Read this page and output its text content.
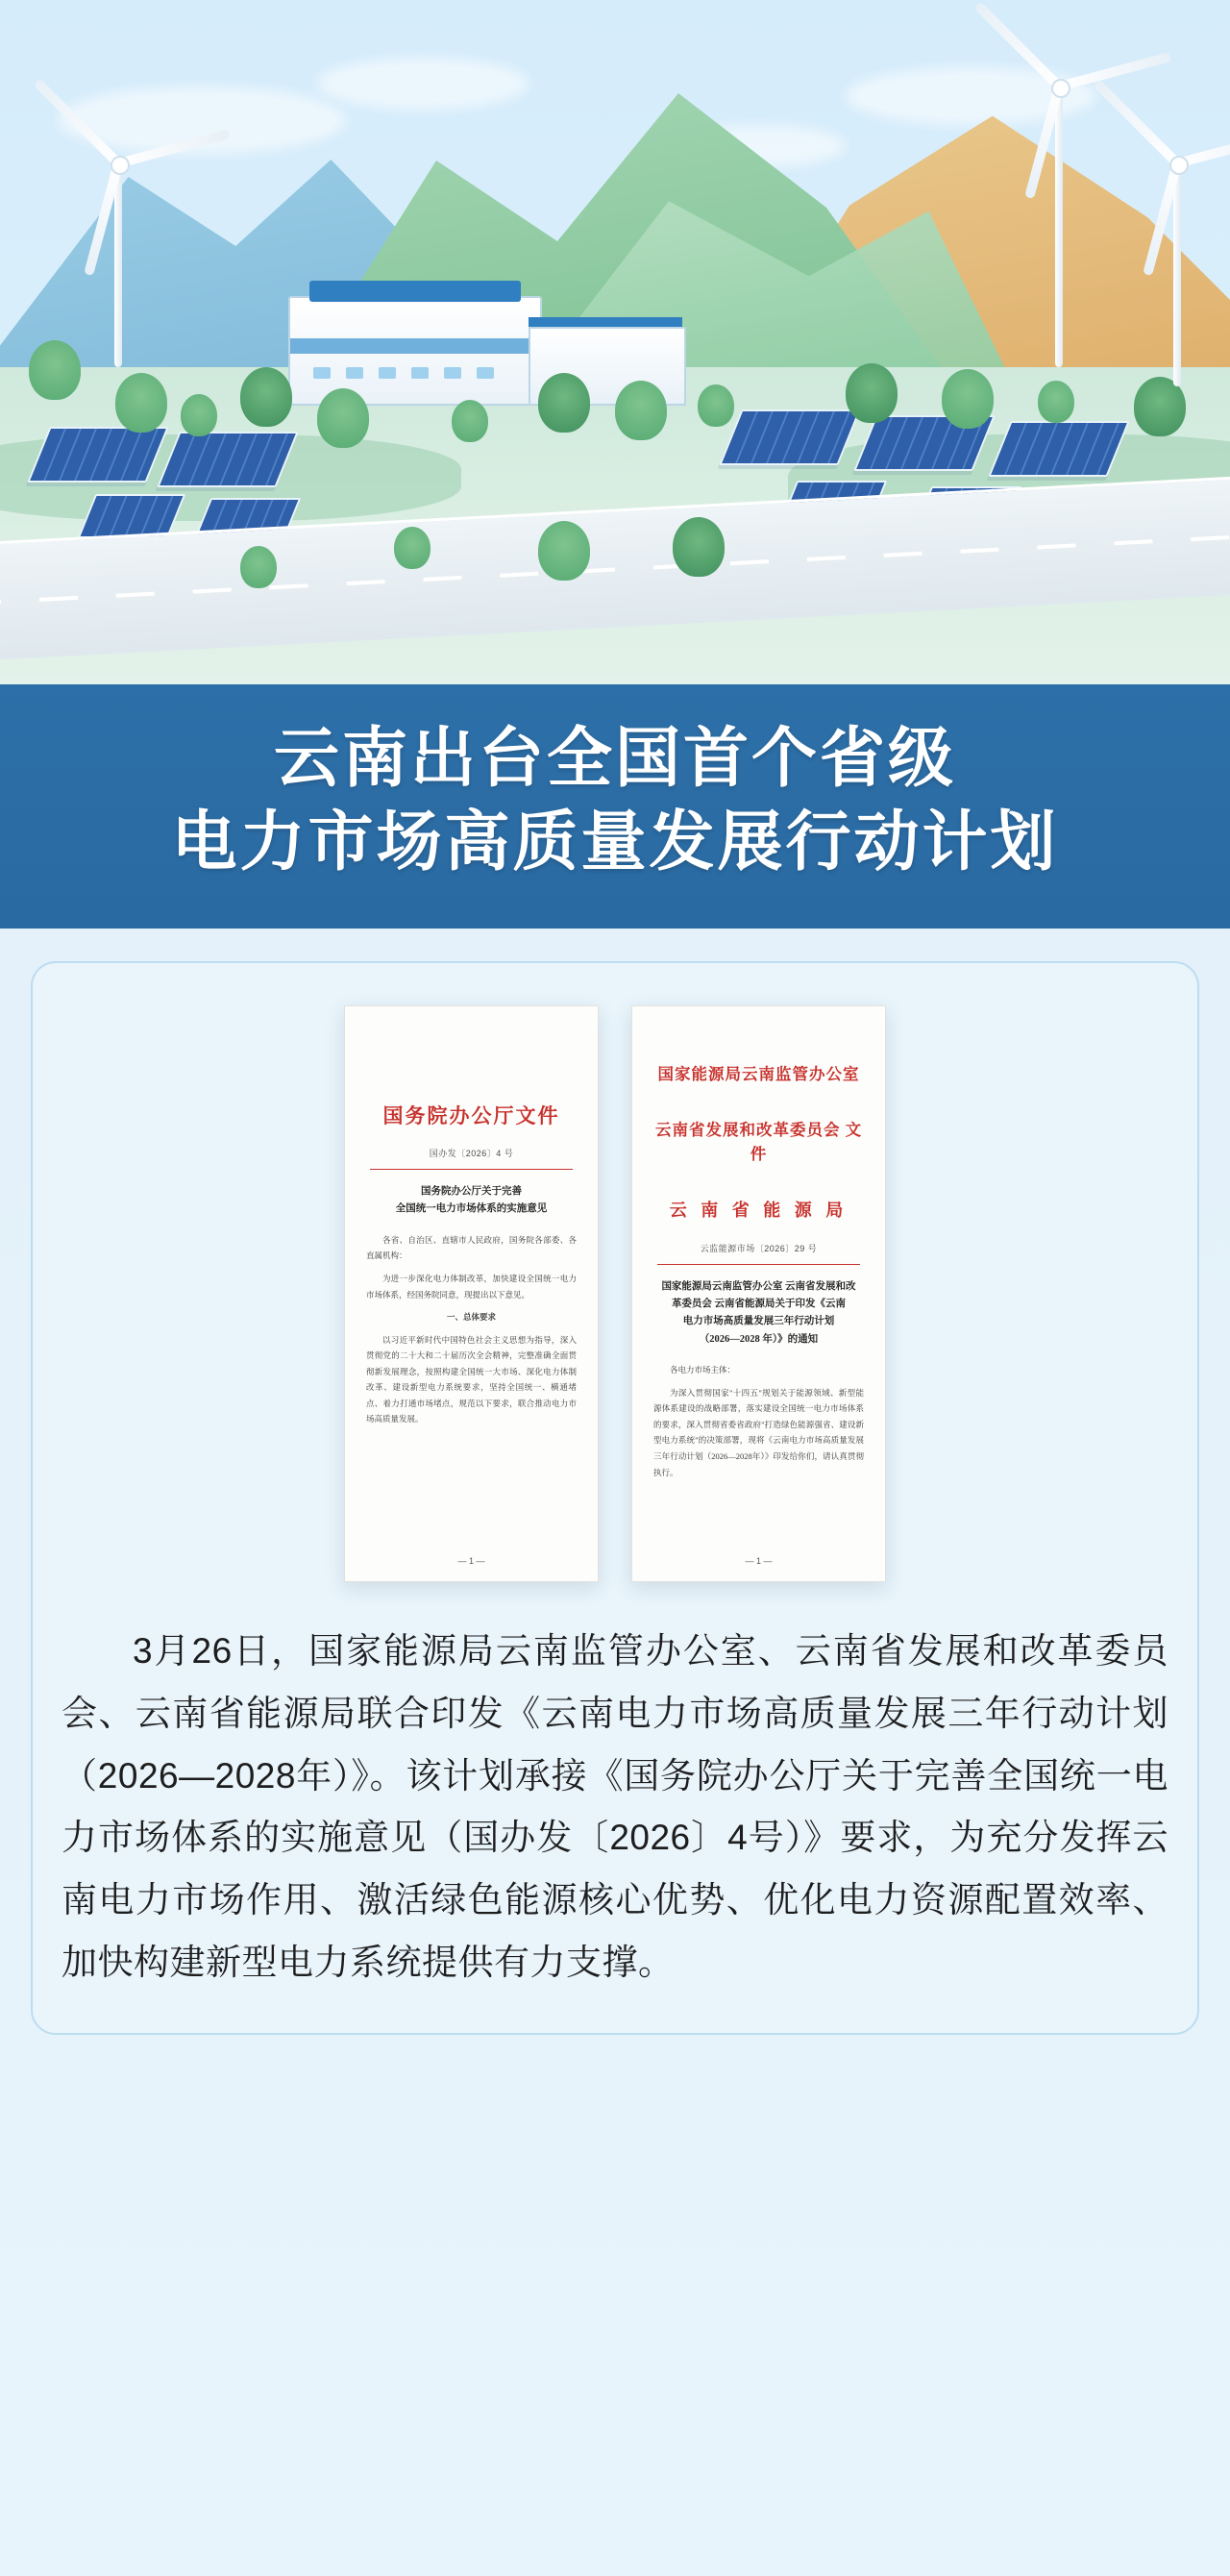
云南出台全国首个省级
电力市场高质量发展行动计划
国务院办公厅文件
国办发〔2026〕4 号
国务院办公厅关于完善
全国统一电力市场体系的实施意见

各省、自治区、直辖市人民政府，国务院各部委、各直属机构：

为进一步深化电力体制改革，加快建设全国统一电力市场体系，经国务院同意，现提出以下意见。

一、总体要求

以习近平新时代中国特色社会主义思想为指导，深入贯彻党的二十大和二十届历次全会精神，完整准确全面贯彻新发展理念，按照构建全国统一大市场、深化电力体制改革、建设新型电力系统要求，坚持全国统一、横通堵点、着力打通市场堵点，规范以下要求，联合推动电力市场高质量发展。

— 1 —
国家能源局云南监管办公室
云南省发展和改革委员会 文件
云 南 省 能 源 局
云监能源市场〔2026〕29 号
国家能源局云南监管办公室 云南省发展和改
革委员会 云南省能源局关于印发《云南
电力市场高质量发展三年行动计划
（2026—2028 年）》的通知

各电力市场主体：

为深入贯彻国家"十四五"规划关于能源领域、新型能源体系建设的战略部署，落实建设全国统一电力市场体系的要求，深入贯彻省委省政府"打造绿色能源强省、建设新型电力系统"的决策部署，现将《云南电力市场高质量发展三年行动计划（2026—2028年）》印发给你们，请认真贯彻执行。

— 1 —

3月26日，国家能源局云南监管办公室、云南省发展和改革委员会、云南省能源局联合印发《云南电力市场高质量发展三年行动计划（2026—2028年）》。该计划承接《国务院办公厅关于完善全国统一电力市场体系的实施意见（国办发〔2026〕4号）》要求，为充分发挥云南电力市场作用、激活绿色能源核心优势、优化电力资源配置效率、加快构建新型电力系统提供有力支撑。
